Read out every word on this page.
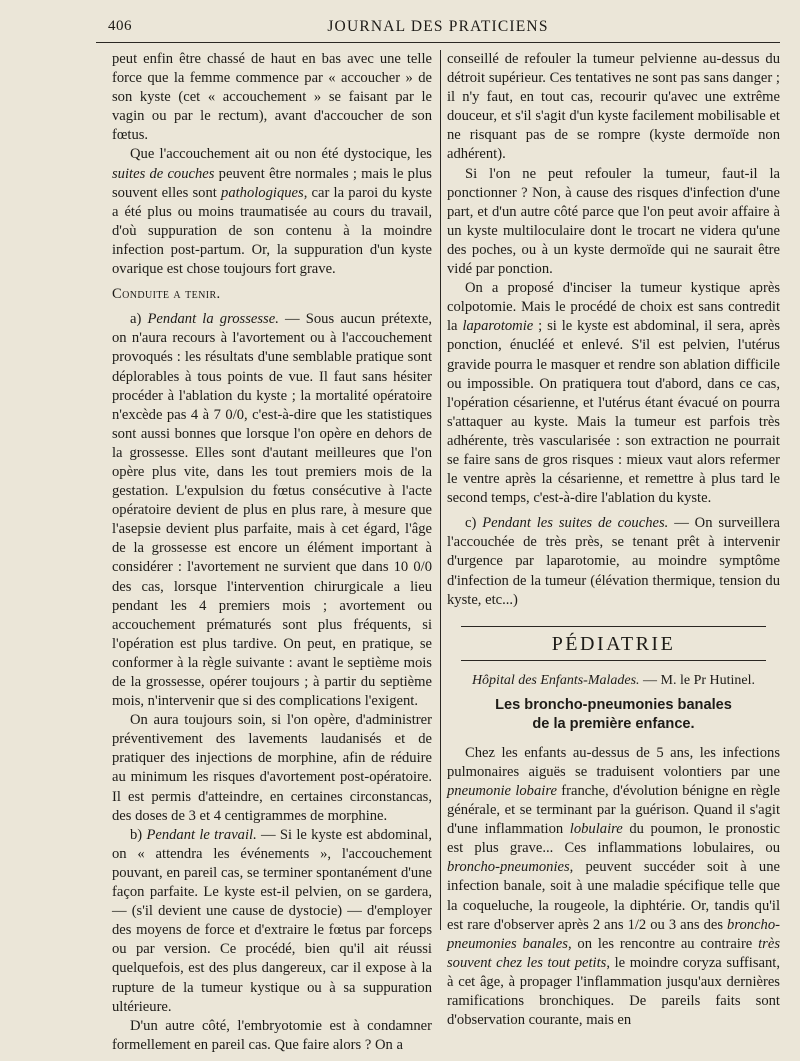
406	JOURNAL DES PRATICIENS

peut enfin être chassé de haut en bas avec une telle force que la femme commence par « accoucher » de son kyste (cet « accouchement » se faisant par le vagin ou par le rectum), avant d'accoucher de son fœtus.

Que l'accouchement ait ou non été dystocique, les suites de couches peuvent être normales ; mais le plus souvent elles sont pathologiques, car la paroi du kyste a été plus ou moins traumatisée au cours du travail, d'où suppuration de son contenu à la moindre infection post-partum. Or, la suppuration d'un kyste ovarique est chose toujours fort grave.

Conduite a tenir.

a) Pendant la grossesse. — Sous aucun prétexte, on n'aura recours à l'avortement ou à l'accouchement provoqués : les résultats d'une semblable pratique sont déplorables à tous points de vue. Il faut sans hésiter procéder à l'ablation du kyste ; la mortalité opératoire n'excède pas 4 à 7 0/0, c'est-à-dire que les statistiques sont aussi bonnes que lorsque l'on opère en dehors de la grossesse. Elles sont d'autant meilleures que l'on opère plus vite, dans les tout premiers mois de la gestation. L'expulsion du fœtus consécutive à l'acte opératoire devient de plus en plus rare, à mesure que l'asepsie devient plus parfaite, mais à cet égard, l'âge de la grossesse est encore un élément important à considérer : l'avortement ne survient que dans 10 0/0 des cas, lorsque l'intervention chirurgicale a lieu pendant les 4 premiers mois ; avortement ou accouchement prématurés sont plus fréquents, si l'opération est plus tardive. On peut, en pratique, se conformer à la règle suivante : avant le septième mois de la grossesse, opérer toujours ; à partir du septième mois, n'intervenir que si des complications l'exigent.

On aura toujours soin, si l'on opère, d'administrer préventivement des lavements laudanisés et de pratiquer des injections de morphine, afin de réduire au minimum les risques d'avortement post-opératoire. Il est permis d'atteindre, en certaines circonstancas, des doses de 3 et 4 centigrammes de morphine.

b) Pendant le travail. — Si le kyste est abdominal, on « attendra les événements », l'accouchement pouvant, en pareil cas, se terminer spontanément d'une façon parfaite. Le kyste est-il pelvien, on se gardera, — (s'il devient une cause de dystocie) — d'employer des moyens de force et d'extraire le fœtus par forceps ou par version. Ce procédé, bien qu'il ait réussi quelquefois, est des plus dangereux, car il expose à la rupture de la tumeur kystique ou à sa suppuration ultérieure.

D'un autre côté, l'embryotomie est à condamner formellement en pareil cas. Que faire alors ? On a

conseillé de refouler la tumeur pelvienne au-dessus du détroit supérieur. Ces tentatives ne sont pas sans danger ; il n'y faut, en tout cas, recourir qu'avec une extrême douceur, et s'il s'agit d'un kyste facilement mobilisable et ne risquant pas de se rompre (kyste dermoïde non adhérent).

Si l'on ne peut refouler la tumeur, faut-il la ponctionner ? Non, à cause des risques d'infection d'une part, et d'un autre côté parce que l'on peut avoir affaire à un kyste multiloculaire dont le trocart ne videra qu'une des poches, ou à un kyste dermoïde qui ne saurait être vidé par ponction.

On a proposé d'inciser la tumeur kystique après colpotomie. Mais le procédé de choix est sans contredit la laparotomie ; si le kyste est abdominal, il sera, après ponction, énucléé et enlevé. S'il est pelvien, l'utérus gravide pourra le masquer et rendre son ablation difficile ou impossible. On pratiquera tout d'abord, dans ce cas, l'opération césarienne, et l'utérus étant évacué on pourra s'attaquer au kyste. Mais la tumeur est parfois très adhérente, très vascularisée : son extraction ne pourrait se faire sans de gros risques : mieux vaut alors refermer le ventre après la césarienne, et remettre à plus tard le second temps, c'est-à-dire l'ablation du kyste.

c) Pendant les suites de couches. — On surveillera l'accouchée de très près, se tenant prêt à intervenir d'urgence par laparotomie, au moindre symptôme d'infection de la tumeur (élévation thermique, tension du kyste, etc...)

PÉDIATRIE
Hôpital des Enfants-Malades. — M. le Pr Hutinel.
Les broncho-pneumonies banales
de la première enfance.

Chez les enfants au-dessus de 5 ans, les infections pulmonaires aiguës se traduisent volontiers par une pneumonie lobaire franche, d'évolution bénigne en règle générale, et se terminant par la guérison. Quand il s'agit d'une inflammation lobulaire du poumon, le pronostic est plus grave... Ces inflammations lobulaires, ou broncho-pneumonies, peuvent succéder soit à une infection banale, soit à une maladie spécifique telle que la coqueluche, la rougeole, la diphtérie. Or, tandis qu'il est rare d'observer après 2 ans 1/2 ou 3 ans des broncho-pneumonies banales, on les rencontre au contraire très souvent chez les tout petits, le moindre coryza suffisant, à cet âge, à propager l'inflammation jusqu'aux dernières ramifications bronchiques. De pareils faits sont d'observation courante, mais en
